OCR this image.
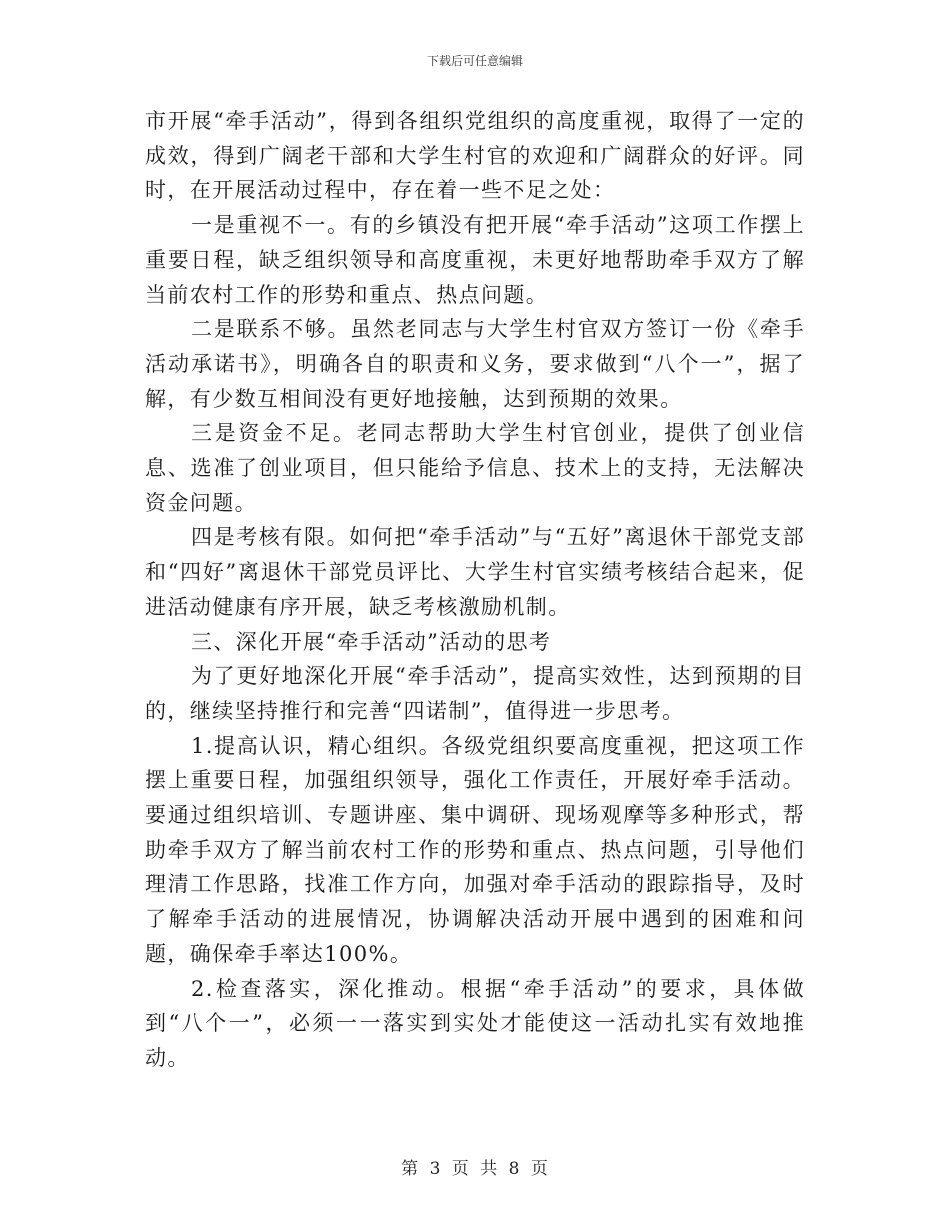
下载后可任意编辑

市开展“牵手活动”，得到各组织党组织的高度重视，取得了一定的成效，得到广阔老干部和大学生村官的欢迎和广阔群众的好评。同时，在开展活动过程中，存在着一些不足之处：

一是重视不一。有的乡镇没有把开展“牵手活动”这项工作摆上重要日程，缺乏组织领导和高度重视，未更好地帮助牵手双方了解当前农村工作的形势和重点、热点问题。

二是联系不够。虽然老同志与大学生村官双方签订一份《牵手活动承诺书》，明确各自的职责和义务，要求做到“八个一”，据了解，有少数互相间没有更好地接触，达到预期的效果。

三是资金不足。老同志帮助大学生村官创业，提供了创业信息、选准了创业项目，但只能给予信息、技术上的支持，无法解决资金问题。

四是考核有限。如何把“牵手活动”与“五好”离退休干部党支部和“四好”离退休干部党员评比、大学生村官实绩考核结合起来，促进活动健康有序开展，缺乏考核激励机制。

三、深化开展“牵手活动”活动的思考

为了更好地深化开展“牵手活动”，提高实效性，达到预期的目的，继续坚持推行和完善“四诺制”，值得进一步思考。

1.提高认识，精心组织。各级党组织要高度重视，把这项工作摆上重要日程，加强组织领导，强化工作责任，开展好牵手活动。要通过组织培训、专题讲座、集中调研、现场观摩等多种形式，帮助牵手双方了解当前农村工作的形势和重点、热点问题，引导他们理清工作思路，找准工作方向，加强对牵手活动的跟踪指导，及时了解牵手活动的进展情况，协调解决活动开展中遇到的困难和问题，确保牵手率达100%。

2.检查落实，深化推动。根据“牵手活动”的要求，具体做到“八个一”，必须一一落实到实处才能使这一活动扎实有效地推动。

第 3 页 共 8 页
